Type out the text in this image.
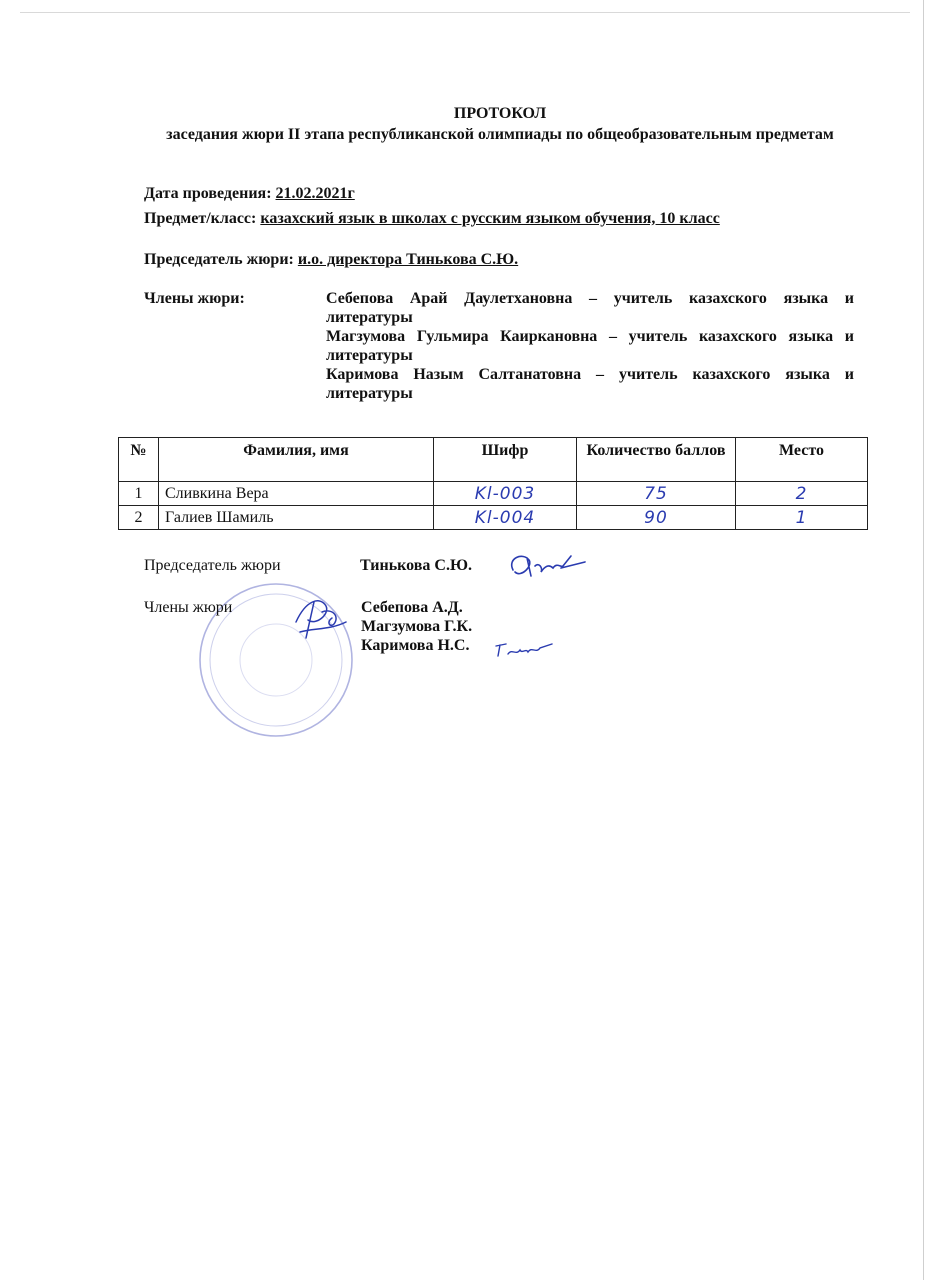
ПРОТОКОЛ
заседания жюри II этапа республиканской олимпиады по общеобразовательным предметам
Дата проведения: 21.02.2021г
Предмет/класс: казахский язык в школах с русским языком обучения, 10 класс
Председатель жюри: и.о. директора Тинькова С.Ю.
Члены жюри:	Себепова Арай Даулетхановна – учитель казахского языка и литературы
Магзумова Гульмира Каиркановна – учитель казахского языка и литературы
Каримова Назым Салтанатовна – учитель казахского языка и литературы
№	Фамилия, имя	Шифр	Количество баллов	Место
1	Сливкина Вера	Kl-003	75	2
2	Галиев Шамиль	Kl-004	90	1
Председатель жюри	Тинькова С.Ю.
Члены жюри	Себепова А.Д.
Магзумова Г.К.
Каримова Н.С.
